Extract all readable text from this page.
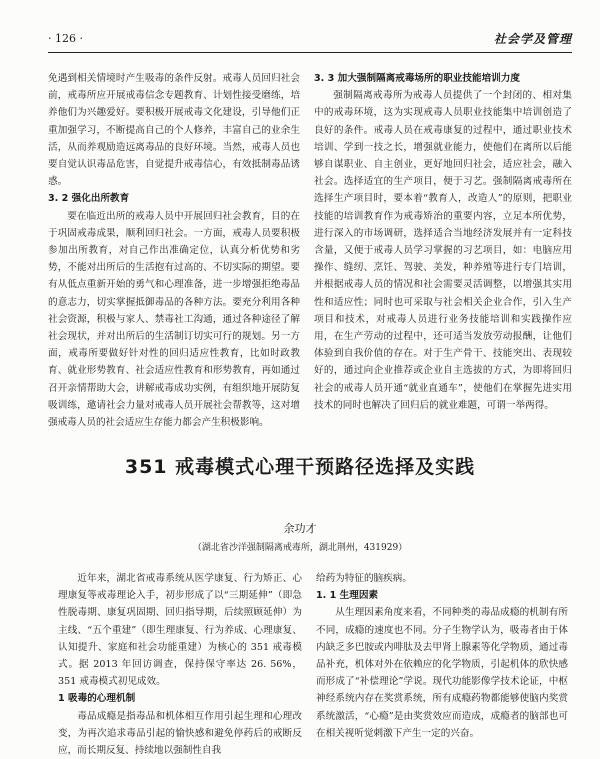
· 126 ·	社会学及管理

免遇到相关情境时产生吸毒的条件反射。戒毒人员回归社会前，戒毒所应开展戒毒信念专题教育、计划性接受磨练，培养他们为兴趣爱好。要积极开展戒毒文化建设，引导他们正重加强学习，不断提高自己的个人修养，丰富自己的业余生活，从而养观励造远离毒品的良好环境。当然，戒毒人员也要自觉认识毒品危害，自觉提升戒毒信心，有效抵制毒品诱惑。

3. 2 强化出所教育

要在临近出所的戒毒人员中开展回归社会教育，目的在于巩固戒毒成果，顺利回归社会。一方面，戒毒人员要积极参加出所教育，对自己作出准确定位，认真分析优势和劣势，不能对出所后的生活抱有过高的、不切实际的期望。要有从低点重新开始的勇气和心理准备，进一步增强拒绝毒品的意志力，切实掌握抵御毒品的各种方法。要充分利用各种社会资源，积极与家人、禁毒社工沟通，通过各种途径了解社会现状，并对出所后的生活制订切实可行的规划。另一方面，戒毒所要做好针对性的回归适应性教育，比如时政教育、就业形势教育、社会适应性教育和形势教育，再如通过召开亲情帮助大会，讲解戒毒成功实例，有组织地开展防复吸训练，邀请社会力量对戒毒人员开展社会帮教等，这对增强戒毒人员的社会适应生存能力都会产生积极影响。

3. 3 加大强制隔离戒毒场所的职业技能培训力度

强制隔离戒毒所为戒毒人员提供了一个封闭的、相对集中的戒毒环境，这为实现戒毒人员职业技能集中培训创造了良好的条件。戒毒人员在戒毒康复的过程中，通过职业技术培训、学到一技之长，增强就业能力，使他们在离所以后能够自谋职业、自主创业，更好地回归社会，适应社会，融入社会。选择适宜的生产项目，便于习艺。强制隔离戒毒所在选择生产项目时，要本着“教育人，改造人”的原则，把职业技能的培训教育作为戒毒矫治的重要内容，立足本所优势，进行深入的市场调研，选择适合当地经济发展并有一定科技含量，又便于戒毒人员学习掌握的习艺项目，如：电脑应用操作、缝纫、烹饪、驾驶、美发，种养殖等进行专门培训，并根据戒毒人员的情况和社会需要灵活调整，以增强其实用性和适应性；同时也可采取与社会相关企业合作，引入生产项目和技术，对戒毒人员进行业务技能培训和实践操作应用，在生产劳动的过程中，还可适当发放劳动报酬，让他们体验到自我价值的存在。对于生产骨干、技能突出、表现较好的，通过向企业推荐或企业自主选拔的方式，为即将回归社会的戒毒人员开通“就业直通车”，使他们在掌握先进实用技术的同时也解决了回归后的就业难题，可谓一举两得。

351 戒毒模式心理干预路径选择及实践
余功才
（湖北省沙洋强制隔离戒毒所，湖北荆州，431929）

近年来，湖北省戒毒系统从医学康复、行为矫正、心理康复等戒毒理论入手，初步形成了以“三期延伸”（即急性脱毒期、康复巩固期、回归指导期，后续照顾延伸）为主线、“五个重建”（即生理康复、行为养成、心理康复、认知提升、家庭和社会功能重建）为核心的 351 戒毒模式。据 2013 年回访调查，保持保守率达 26. 56%，351 戒毒模式初见成效。

1 吸毒的心理机制

毒品成瘾是指毒品和机体相互作用引起生理和心理改变，为再次追求毒品引起的愉快感和避免停药后的戒断反应，而长期反复、持续地以强制性自我

给药为特征的脑疾病。

1. 1 生理因素

从生理因素角度来看，不同种类的毒品成瘾的机制有所不同，成瘾的速度也不同。分子生物学认为，吸毒者由于体内缺乏多巴胺或内啡肽及去甲肾上腺素等化学物质，通过毒品补充，机体对外在依赖应的化学物质，引起机体的欣快感而形成了“补偿理论”学说。现代功能影像学技术论证，中枢神经系统内存在奖赏系统，所有成瘾药物都能够使脑内奖赏系统激活，“心瘾”是由奖赏效应而造成，成瘾者的脑部也可在相关视听觉刺激下产生一定的兴奋。
